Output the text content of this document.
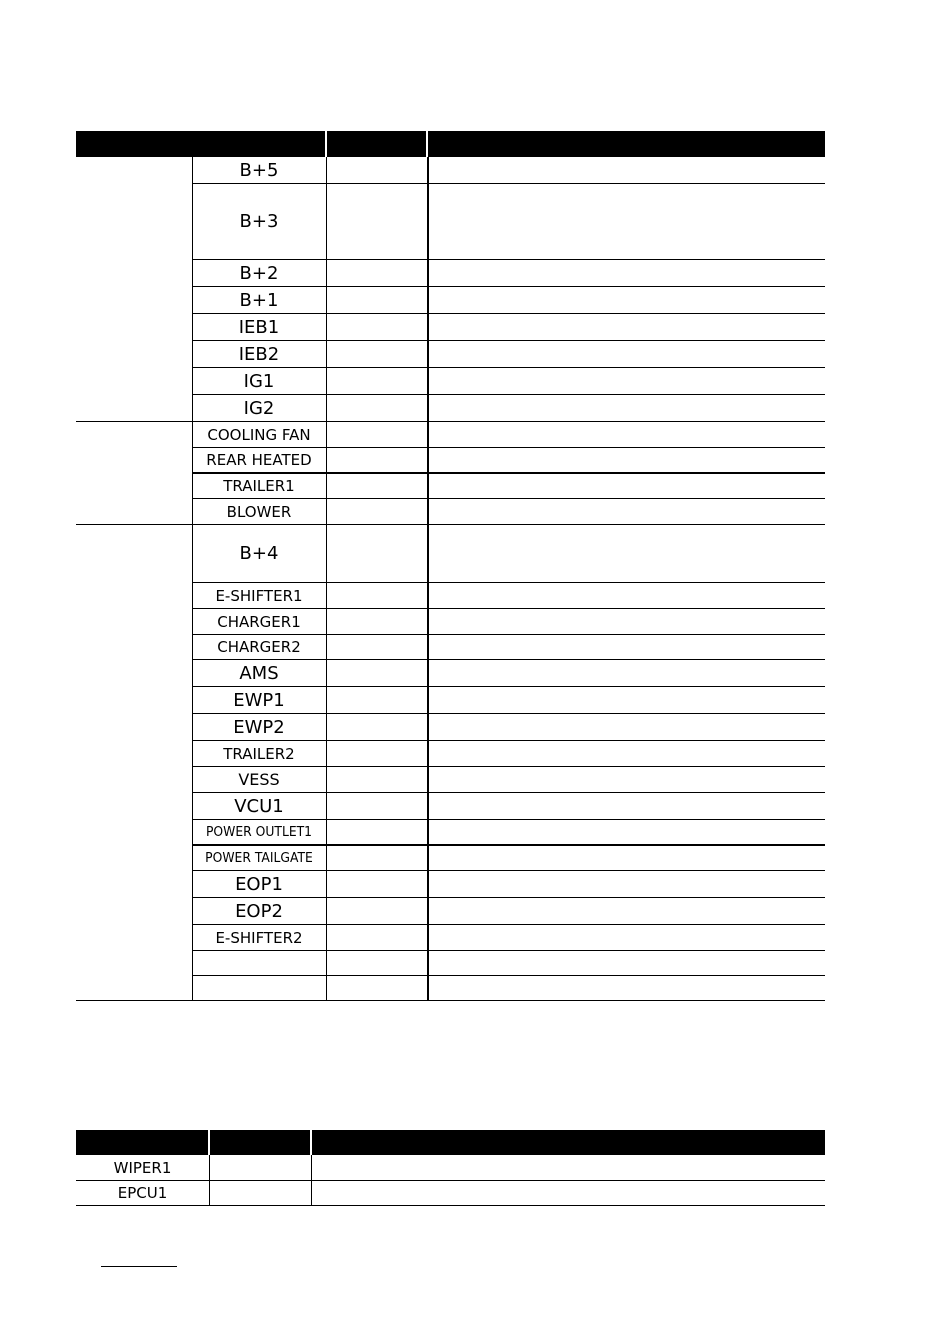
B+5
B+3
B+2
B+1
IEB1
IEB2
IG1
IG2
COOLING FAN
REAR HEATED
TRAILER1
BLOWER
B+4
E-SHIFTER1
CHARGER1
CHARGER2
AMS
EWP1
EWP2
TRAILER2
VESS
VCU1
POWER OUTLET1
POWER TAILGATE
EOP1
EOP2
E-SHIFTER2
WIPER1
EPCU1
